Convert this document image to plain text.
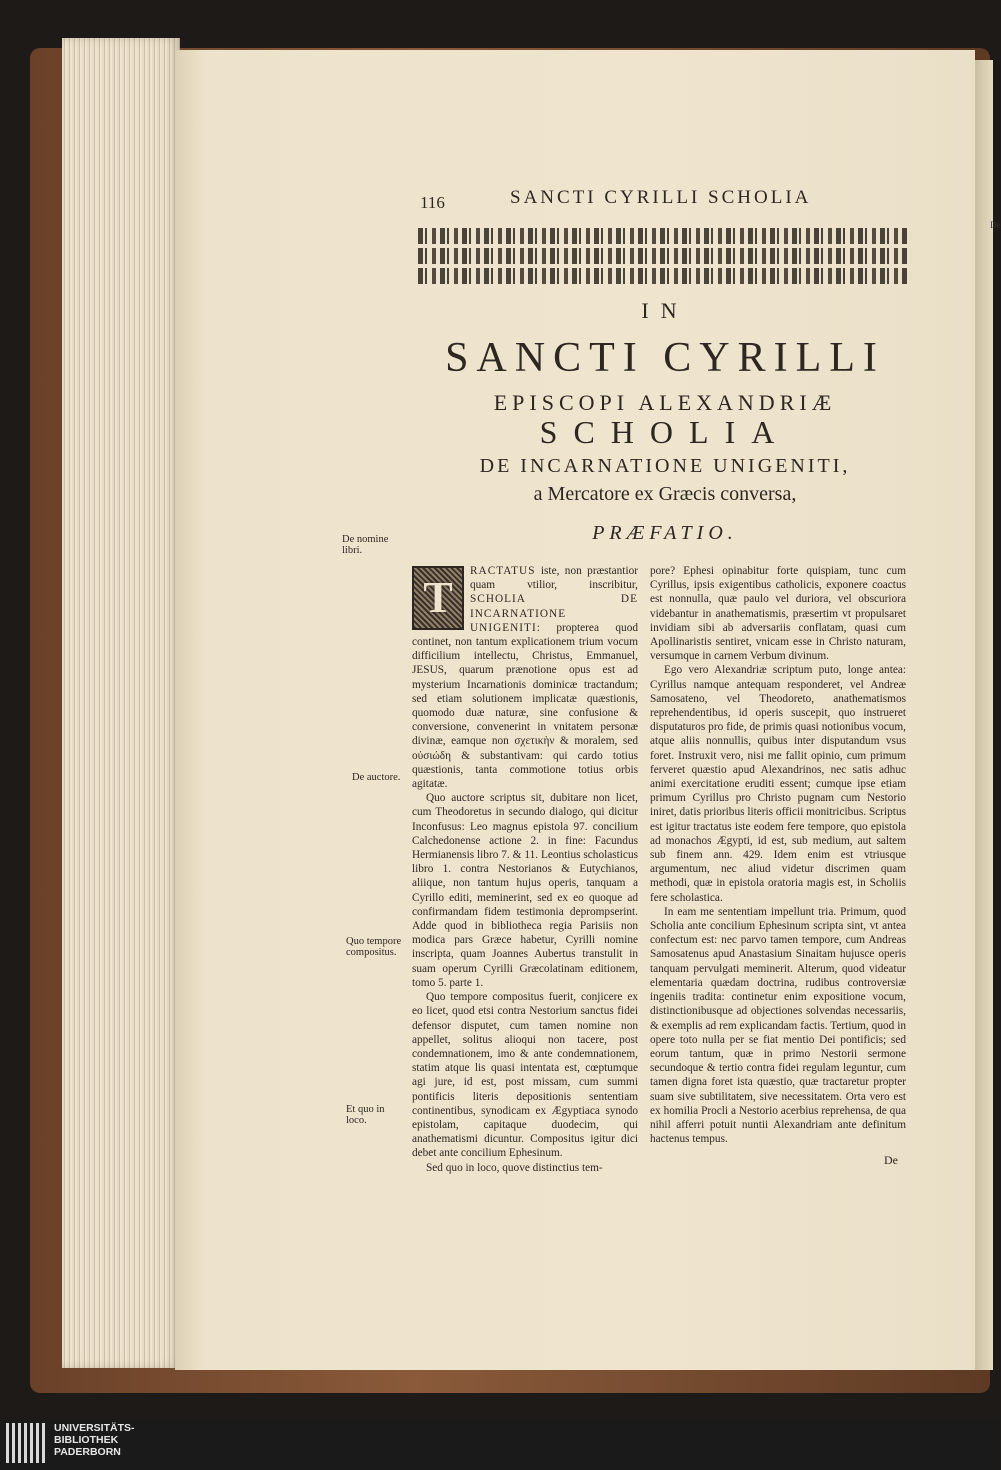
De
116	SANCTI CYRILLI SCHOLIA
IN
SANCTI CYRILLI
EPISCOPI ALEXANDRIÆ
SCHOLIA
DE INCARNATIONE UNIGENITI,
a Mercatore ex Græcis conversa,
PRÆFATIO.
De nomine libri.
De auctore.
Quo tempore compositus.
Et quo in loco.

T
RACTATUS iste, non præstantior quam vtilior, inscribitur, SCHOLIA DE INCARNATIONE UNIGENITI: propterea quod continet, non tantum explicationem trium vocum difficilium intellectu, Christus, Emmanuel, JESUS, quarum prænotione opus est ad mysterium Incarnationis dominicæ tractandum; sed etiam solutionem implicatæ quæstionis, quomodo duæ naturæ, sine confusione & conversione, convenerint in vnitatem personæ divinæ, eamque non σχετικὴν & moralem, sed οὐσιώδη & substantivam: qui cardo totius quæstionis, tanta commotione totius orbis agitatæ.

Quo auctore scriptus sit, dubitare non licet, cum Theodoretus in secundo dialogo, qui dicitur Inconfusus: Leo magnus epistola 97. concilium Calchedonense actione 2. in fine: Facundus Hermianensis libro 7. & 11. Leontius scholasticus libro 1. contra Nestorianos & Eutychianos, aliique, non tantum hujus operis, tanquam a Cyrillo editi, meminerint, sed ex eo quoque ad confirmandam fidem testimonia deprompserint. Adde quod in bibliotheca regia Parisiis non modica pars Græce habetur, Cyrilli nomine inscripta, quam Joannes Aubertus transtulit in suam operum Cyrilli Græcolatinam editionem, tomo 5. parte 1.

Quo tempore compositus fuerit, conjicere ex eo licet, quod etsi contra Nestorium sanctus fidei defensor disputet, cum tamen nomine non appellet, solitus alioqui non tacere, post condemnationem, imo & ante condemnationem, statim atque lis quasi intentata est, cœptumque agi jure, id est, post missam, cum summi pontificis literis depositionis sententiam continentibus, synodicam ex Ægyptiaca synodo epistolam, capitaque duodecim, qui anathematismi dicuntur. Compositus igitur dici debet ante concilium Ephesinum.

Sed quo in loco, quove distinctius tem-

pore? Ephesi opinabitur forte quispiam, tunc cum Cyrillus, ipsis exigentibus catholicis, exponere coactus est nonnulla, quæ paulo vel duriora, vel obscuriora videbantur in anathematismis, præsertim vt propulsaret invidiam sibi ab adversariis conflatam, quasi cum Apollinaristis sentiret, vnicam esse in Christo naturam, versumque in carnem Verbum divinum.

Ego vero Alexandriæ scriptum puto, longe antea: Cyrillus namque antequam responderet, vel Andreæ Samosateno, vel Theodoreto, anathematismos reprehendentibus, id operis suscepit, quo instrueret disputaturos pro fide, de primis quasi notionibus vocum, atque aliis nonnullis, quibus inter disputandum vsus foret. Instruxit vero, nisi me fallit opinio, cum primum ferveret quæstio apud Alexandrinos, nec satis adhuc animi exercitatione eruditi essent; cumque ipse etiam primum Cyrillus pro Christo pugnam cum Nestorio iniret, datis prioribus literis officii monitricibus. Scriptus est igitur tractatus iste eodem fere tempore, quo epistola ad monachos Ægypti, id est, sub medium, aut saltem sub finem ann. 429. Idem enim est vtriusque argumentum, nec aliud videtur discrimen quam methodi, quæ in epistola oratoria magis est, in Scholiis fere scholastica.

In eam me sententiam impellunt tria. Primum, quod Scholia ante concilium Ephesinum scripta sint, vt antea confectum est: nec parvo tamen tempore, cum Andreas Samosatenus apud Anastasium Sinaitam hujusce operis tanquam pervulgati meminerit. Alterum, quod videatur elementaria quædam doctrina, rudibus controversiæ ingeniis tradita: continetur enim expositione vocum, distinctionibusque ad objectiones solvendas necessariis, & exemplis ad rem explicandam factis. Tertium, quod in opere toto nulla per se fiat mentio Dei pontificis; sed eorum tantum, quæ in primo Nestorii sermone secundoque & tertio contra fidei regulam leguntur, cum tamen digna foret ista quæstio, quæ tractaretur propter suam sive subtilitatem, sive necessitatem. Orta vero est ex homilia Procli a Nestorio acerbius reprehensa, de qua nihil afferri potuit nuntii Alexandriam ante definitum hactenus tempus.

De
UNIVERSITÄTS-
BIBLIOTHEK
PADERBORN
